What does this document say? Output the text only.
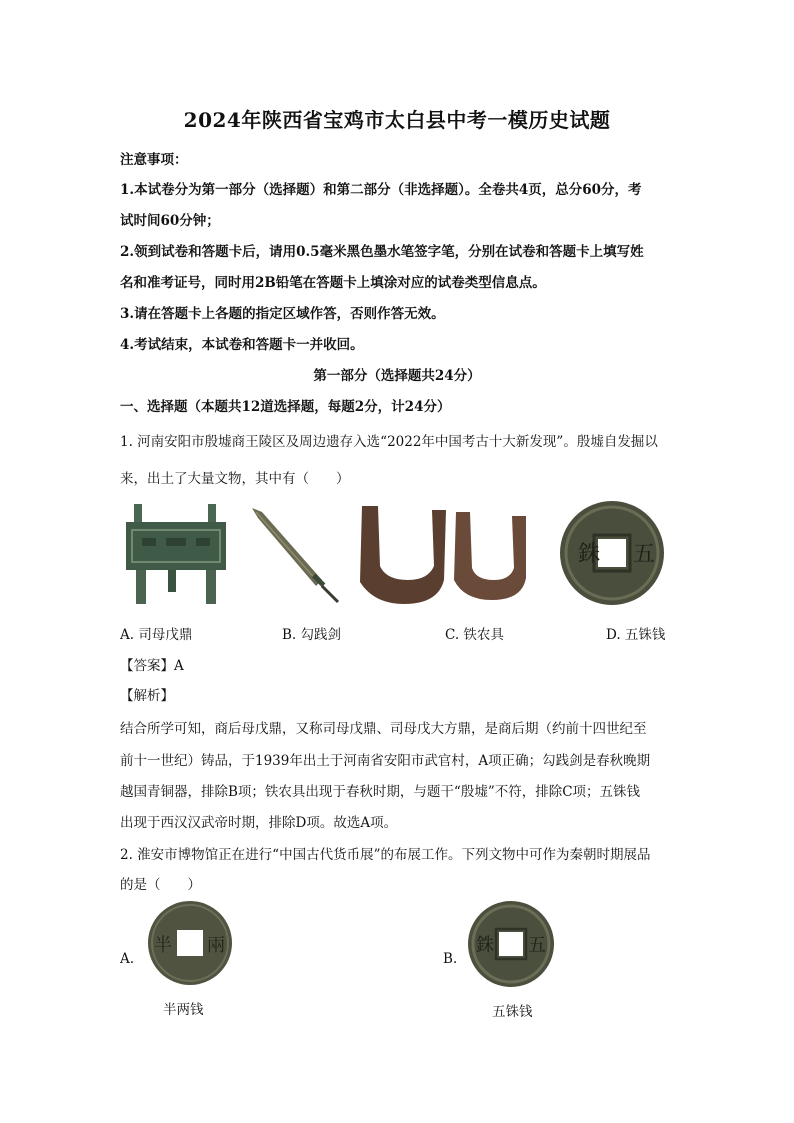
2024年陕西省宝鸡市太白县中考一模历史试题
注意事项：
1.本试卷分为第一部分（选择题）和第二部分（非选择题）。全卷共4页，总分60分，考
试时间60分钟；
2.领到试卷和答题卡后，请用0.5毫米黑色墨水笔签字笔，分别在试卷和答题卡上填写姓
名和准考证号，同时用2B铅笔在答题卡上填涂对应的试卷类型信息点。
3.请在答题卡上各题的指定区域作答，否则作答无效。
4.考试结束，本试卷和答题卡一并收回。
第一部分（选择题共24分）
一、选择题（本题共12道选择题，每题2分，计24分）
1. 河南安阳市殷墟商王陵区及周边遗存入选“2022年中国考古十大新发现”。殷墟自发掘以
来，出土了大量文物，其中有（　　）
銖 五
A. 司母戊鼎	B. 勾践剑	C. 铁农具	D. 五铢钱
【答案】A
【解析】
结合所学可知，商后母戊鼎，又称司母戊鼎、司母戊大方鼎，是商后期（约前十四世纪至
前十一世纪）铸品，于1939年出土于河南省安阳市武官村，A项正确；勾践剑是春秋晚期
越国青铜器，排除B项；铁农具出现于春秋时期，与题干“殷墟”不符，排除C项；五铢钱
出现于西汉汉武帝时期，排除D项。故选A项。
2. 淮安市博物馆正在进行“中国古代货币展”的布展工作。下列文物中可作为秦朝时期展品
的是（　　）
A.
半 兩
半两钱
B.
銖 五
五铢钱
